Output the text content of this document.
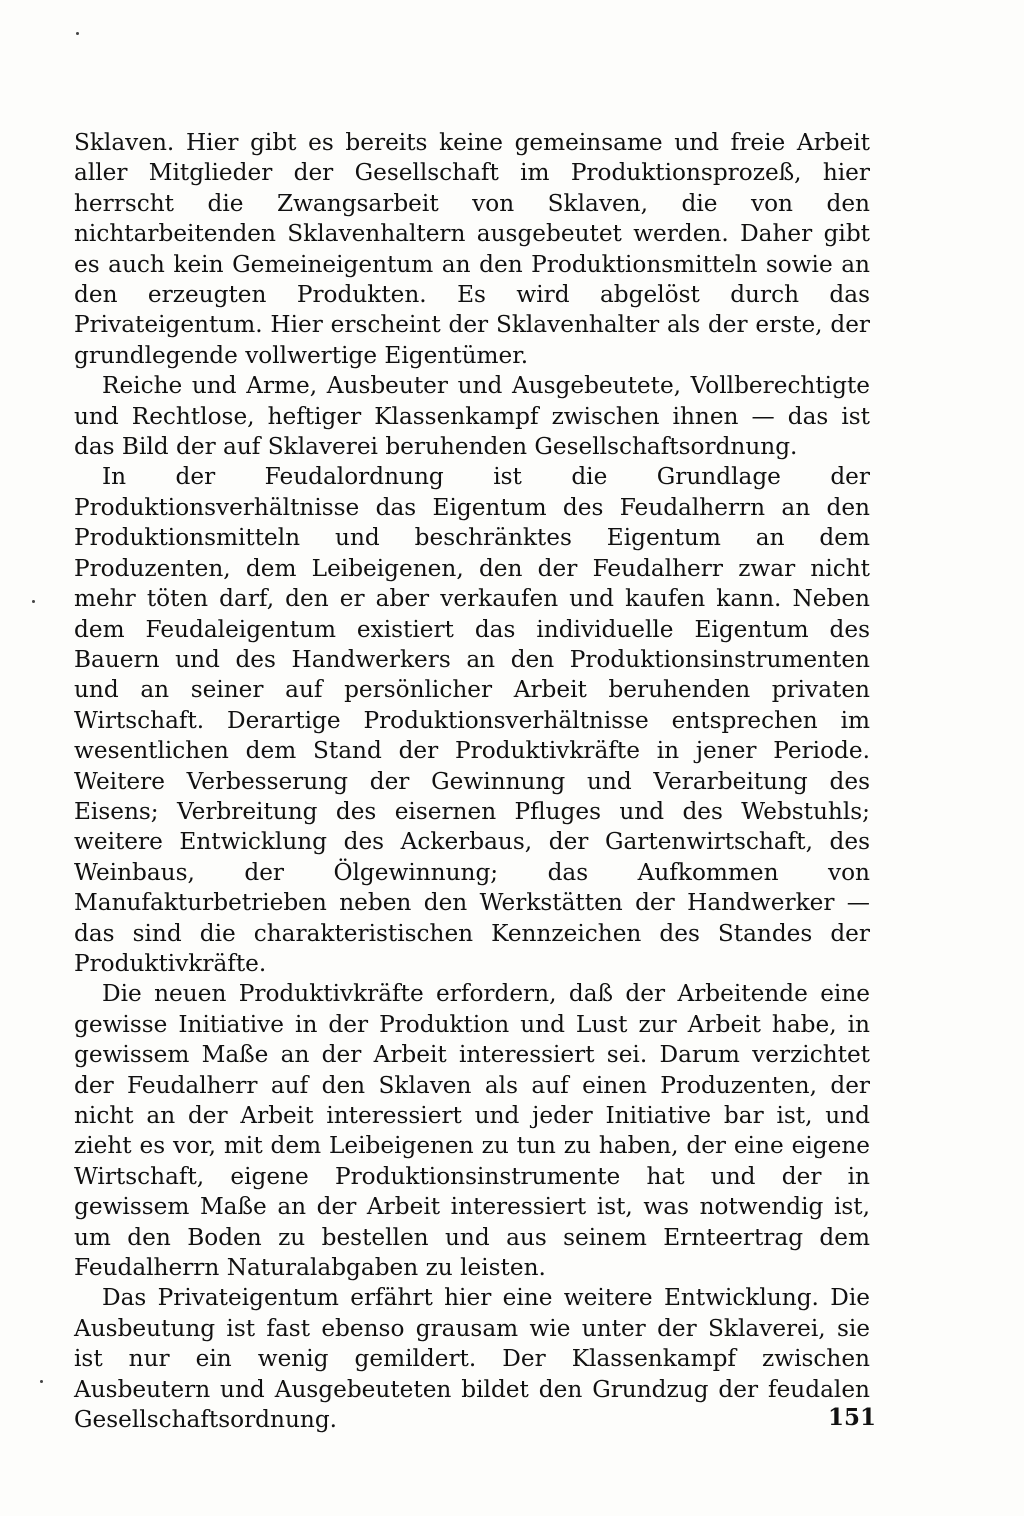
Sklaven. Hier gibt es bereits keine gemeinsame und freie Arbeit aller Mitglieder der Gesellschaft im Produktionsprozeß, hier herrscht die Zwangsarbeit von Sklaven, die von den nichtarbeitenden Sklavenhaltern ausgebeutet werden. Daher gibt es auch kein Gemeineigentum an den Produktionsmitteln sowie an den erzeugten Produkten. Es wird abgelöst durch das Privateigentum. Hier erscheint der Sklavenhalter als der erste, der grundlegende vollwertige Eigentümer.

Reiche und Arme, Ausbeuter und Ausgebeutete, Vollberechtigte und Rechtlose, heftiger Klassenkampf zwischen ihnen — das ist das Bild der auf Sklaverei beruhenden Gesellschaftsordnung.

In der Feudalordnung ist die Grundlage der Produktionsverhältnisse das Eigentum des Feudalherrn an den Produktionsmitteln und beschränktes Eigentum an dem Produzenten, dem Leibeigenen, den der Feudalherr zwar nicht mehr töten darf, den er aber verkaufen und kaufen kann. Neben dem Feudaleigentum existiert das individuelle Eigentum des Bauern und des Handwerkers an den Produktionsinstrumenten und an seiner auf persönlicher Arbeit beruhenden privaten Wirtschaft. Derartige Produktionsverhältnisse entsprechen im wesentlichen dem Stand der Produktivkräfte in jener Periode. Weitere Verbesserung der Gewinnung und Verarbeitung des Eisens; Verbreitung des eisernen Pfluges und des Webstuhls; weitere Entwicklung des Ackerbaus, der Gartenwirtschaft, des Weinbaus, der Ölgewinnung; das Aufkommen von Manufakturbetrieben neben den Werkstätten der Handwerker — das sind die charakteristischen Kennzeichen des Standes der Produktivkräfte.

Die neuen Produktivkräfte erfordern, daß der Arbeitende eine gewisse Initiative in der Produktion und Lust zur Arbeit habe, in gewissem Maße an der Arbeit interessiert sei. Darum verzichtet der Feudalherr auf den Sklaven als auf einen Produzenten, der nicht an der Arbeit interessiert und jeder Initiative bar ist, und zieht es vor, mit dem Leibeigenen zu tun zu haben, der eine eigene Wirtschaft, eigene Produktionsinstrumente hat und der in gewissem Maße an der Arbeit interessiert ist, was notwendig ist, um den Boden zu bestellen und aus seinem Ernteertrag dem Feudalherrn Naturalabgaben zu leisten.

Das Privateigentum erfährt hier eine weitere Entwicklung. Die Ausbeutung ist fast ebenso grausam wie unter der Sklaverei, sie ist nur ein wenig gemildert. Der Klassenkampf zwischen Ausbeutern und Ausgebeuteten bildet den Grundzug der feudalen Gesellschaftsordnung.	151
